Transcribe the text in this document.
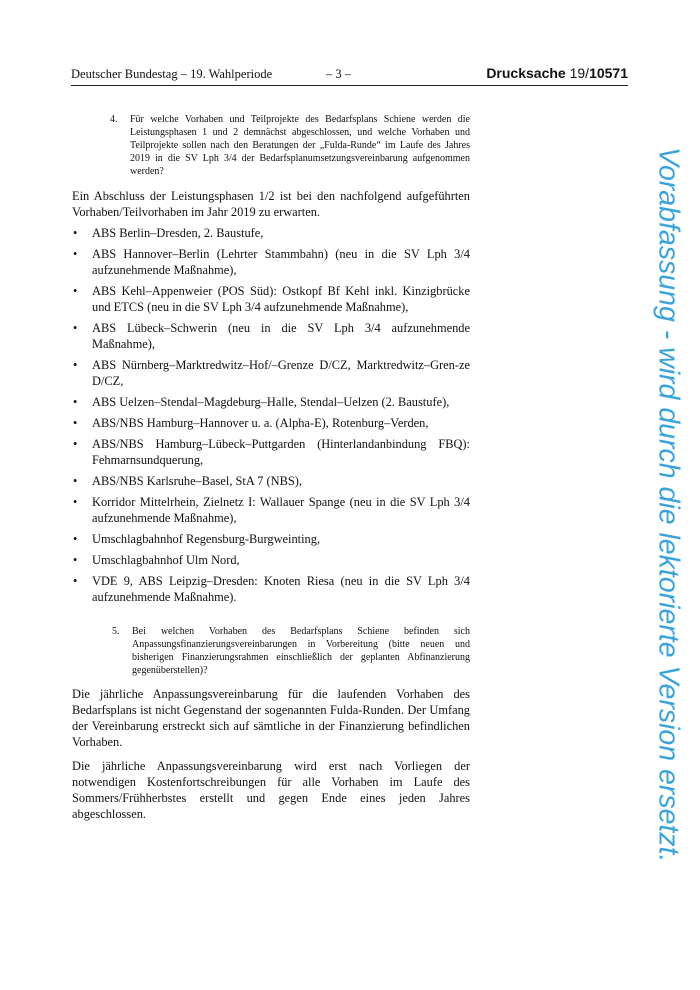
Deutscher Bundestag – 19. Wahlperiode	– 3 –	Drucksache 19/10571
4.	Für welche Vorhaben und Teilprojekte des Bedarfsplans Schiene werden die Leistungsphasen 1 und 2 demnächst abgeschlossen, und welche Vorhaben und Teilprojekte sollen nach den Beratungen der „Fulda-Runde“ im Laufe des Jahres 2019 in die SV Lph 3/4 der Bedarfsplanumsetzungsvereinbarung aufgenommen werden?

Ein Abschluss der Leistungsphasen 1/2 ist bei den nachfolgend aufgeführten Vorhaben/Teilvorhaben im Jahr 2019 zu erwarten.

• ABS Berlin–Dresden, 2. Baustufe,
• ABS Hannover–Berlin (Lehrter Stammbahn) (neu in die SV Lph 3/4 aufzunehmende Maßnahme),
• ABS Kehl–Appenweier (POS Süd): Ostkopf Bf Kehl inkl. Kinzigbrücke und ETCS (neu in die SV Lph 3/4 aufzunehmende Maßnahme),
• ABS Lübeck–Schwerin (neu in die SV Lph 3/4 aufzunehmende Maßnahme),
• ABS Nürnberg–Marktredwitz–Hof/–Grenze D/CZ, Marktredwitz–Gren-ze D/CZ,
• ABS Uelzen–Stendal–Magdeburg–Halle, Stendal–Uelzen (2. Baustufe),
• ABS/NBS Hamburg–Hannover u. a. (Alpha-E), Rotenburg–Verden,
• ABS/NBS Hamburg–Lübeck–Puttgarden (Hinterlandanbindung FBQ): Fehmarnsundquerung,
• ABS/NBS Karlsruhe–Basel, StA 7 (NBS),
• Korridor Mittelrhein, Zielnetz I: Wallauer Spange (neu in die SV Lph 3/4 aufzunehmende Maßnahme),
• Umschlagbahnhof Regensburg-Burgweinting,
• Umschlagbahnhof Ulm Nord,
• VDE 9, ABS Leipzig–Dresden: Knoten Riesa (neu in die SV Lph 3/4 aufzunehmende Maßnahme).
5.	Bei welchen Vorhaben des Bedarfsplans Schiene befinden sich Anpassungsfinanzierungsvereinbarungen in Vorbereitung (bitte neuen und bisherigen Finanzierungsrahmen einschließlich der geplanten Abfinanzierung gegenüberstellen)?

Die jährliche Anpassungsvereinbarung für die laufenden Vorhaben des Bedarfsplans ist nicht Gegenstand der sogenannten Fulda-Runden. Der Umfang der Vereinbarung erstreckt sich auf sämtliche in der Finanzierung befindlichen Vorhaben.

Die jährliche Anpassungsvereinbarung wird erst nach Vorliegen der notwendigen Kostenfortschreibungen für alle Vorhaben im Laufe des Sommers/Frühherbstes erstellt und gegen Ende eines jeden Jahres abgeschlossen.	Vorabfassung - wird durch die lektorierte Version ersetzt.
